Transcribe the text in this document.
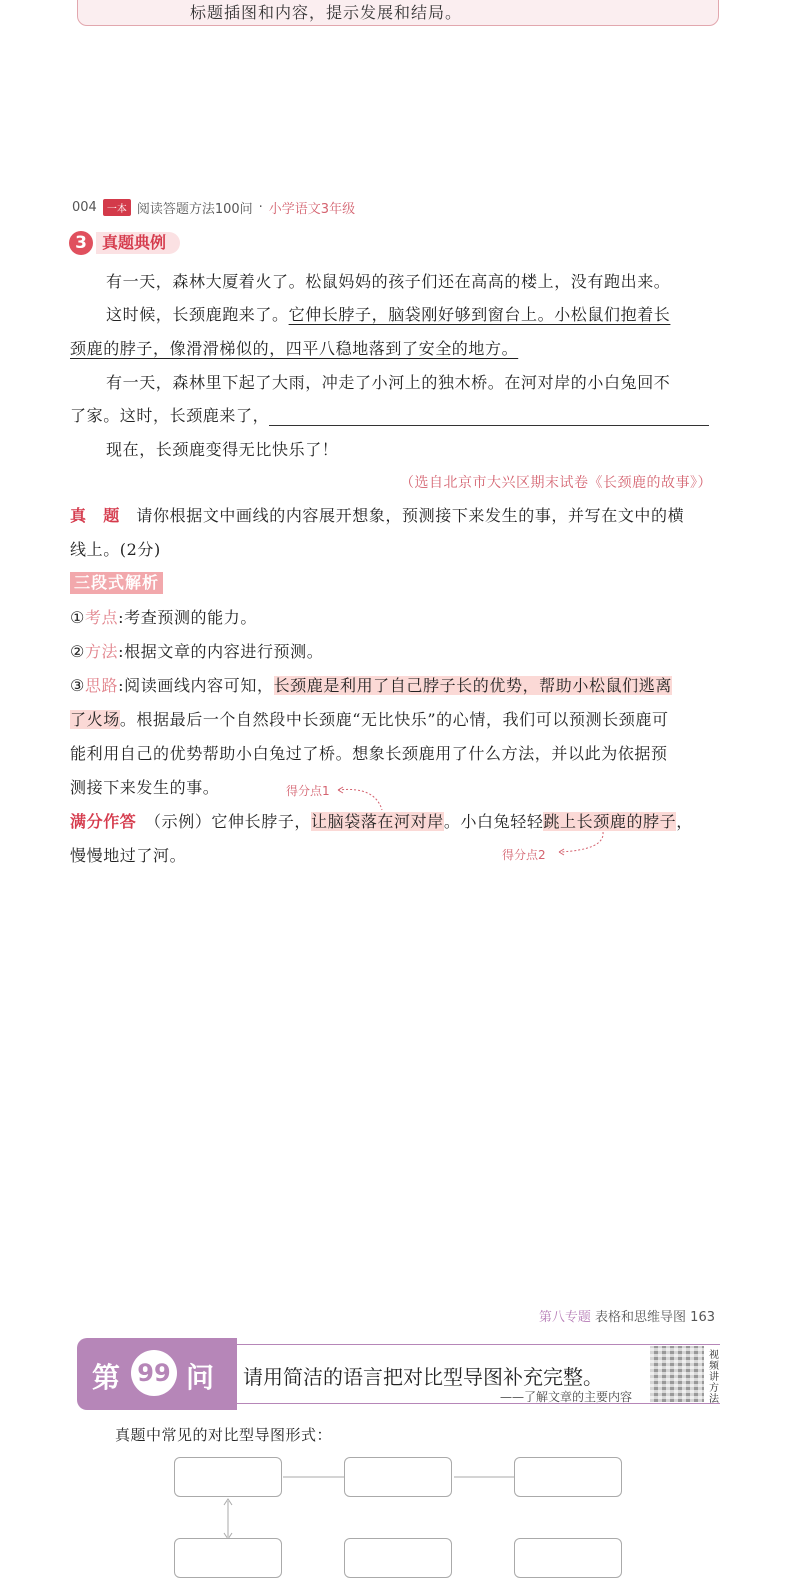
标题插图和内容，提示发展和结局。
004	一本 阅读答题方法100问 · 小学语文3年级
3 真题典例
有一天，森林大厦着火了。松鼠妈妈的孩子们还在高高的楼上，没有跑出来。
这时候，长颈鹿跑来了。它伸长脖子，脑袋刚好够到窗台上。小松鼠们抱着长
颈鹿的脖子，像滑滑梯似的，四平八稳地落到了安全的地方。
有一天，森林里下起了大雨，冲走了小河上的独木桥。在河对岸的小白兔回不
了家。这时，长颈鹿来了，
现在，长颈鹿变得无比快乐了！
（选自北京市大兴区期末试卷《长颈鹿的故事》）
真　题　 请你根据文中画线的内容展开想象，预测接下来发生的事，并写在文中的横
线上。(2分)
三段式解析
①考点:考查预测的能力。
②方法:根据文章的内容进行预测。
③思路:阅读画线内容可知，长颈鹿是利用了自己脖子长的优势，帮助小松鼠们逃离
了火场。根据最后一个自然段中长颈鹿“无比快乐”的心情，我们可以预测长颈鹿可
能利用自己的优势帮助小白兔过了桥。想象长颈鹿用了什么方法，并以此为依据预
测接下来发生的事。	得分点1
满分作答　 （示例）它伸长脖子，让脑袋落在河对岸。小白兔轻轻跳上长颈鹿的脖子，
慢慢地过了河。	得分点2
第八专题 表格和思维导图 163
第 99 问 请用简洁的语言把对比型导图补充完整。
——了解文章的主要内容
视频讲方法
真题中常见的对比型导图形式：
